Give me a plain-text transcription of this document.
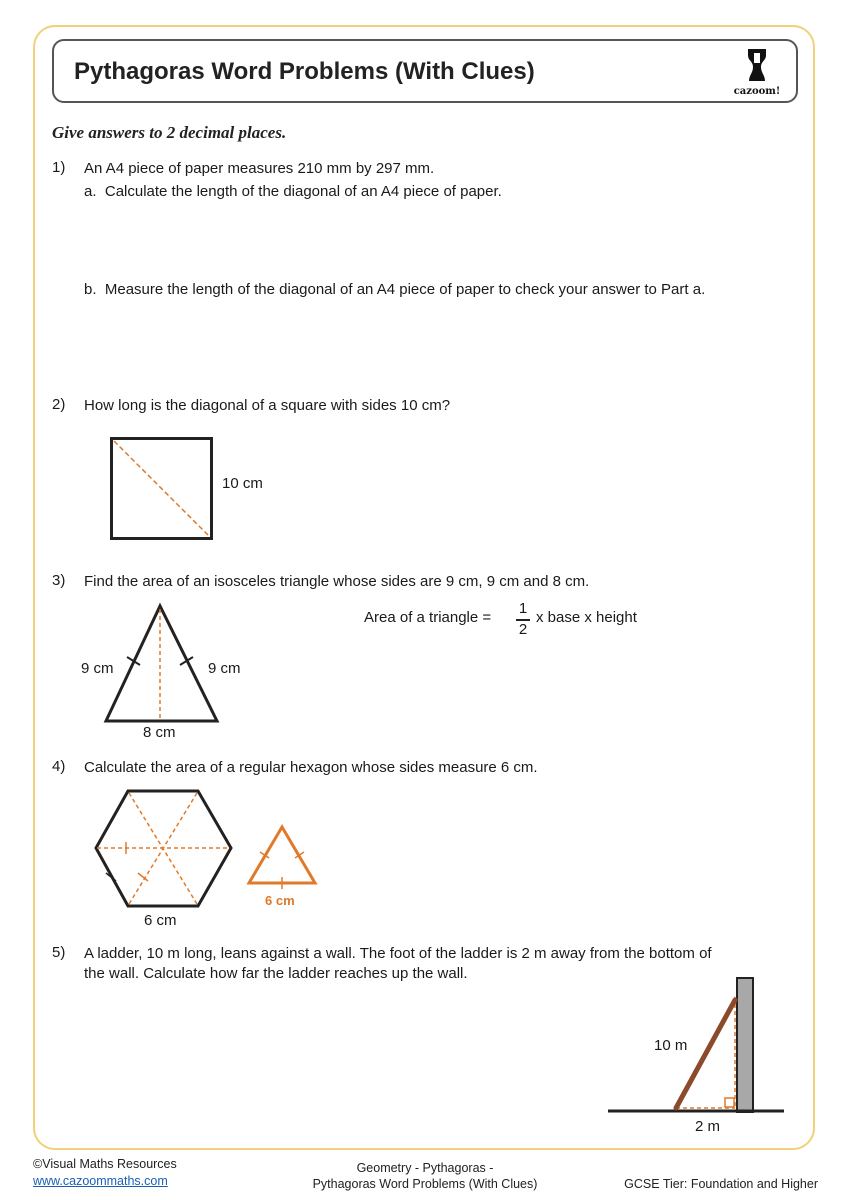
Pythagoras Word Problems (With Clues)
cazoom!
Give answers to 2 decimal places.
1) An A4 piece of paper measures 210 mm by 297 mm.
a. Calculate the length of the diagonal of an A4 piece of paper.
b. Measure the length of the diagonal of an A4 piece of paper to check your answer to Part a.
2) How long is the diagonal of a square with sides 10 cm?
10 cm
3) Find the area of an isosceles triangle whose sides are 9 cm, 9 cm and 8 cm.
9 cm	9 cm
8 cm
Area of a triangle =
1
2
x base x height
4) Calculate the area of a regular hexagon whose sides measure 6 cm.
6 cm
6 cm
5) A ladder, 10 m long, leans against a wall. The foot of the ladder is 2 m away from the bottom of
the wall. Calculate how far the ladder reaches up the wall.
10 m
2 m
©Visual Maths Resources
www.cazoommaths.com
Geometry - Pythagoras -
Pythagoras Word Problems (With Clues)	GCSE Tier: Foundation and Higher
